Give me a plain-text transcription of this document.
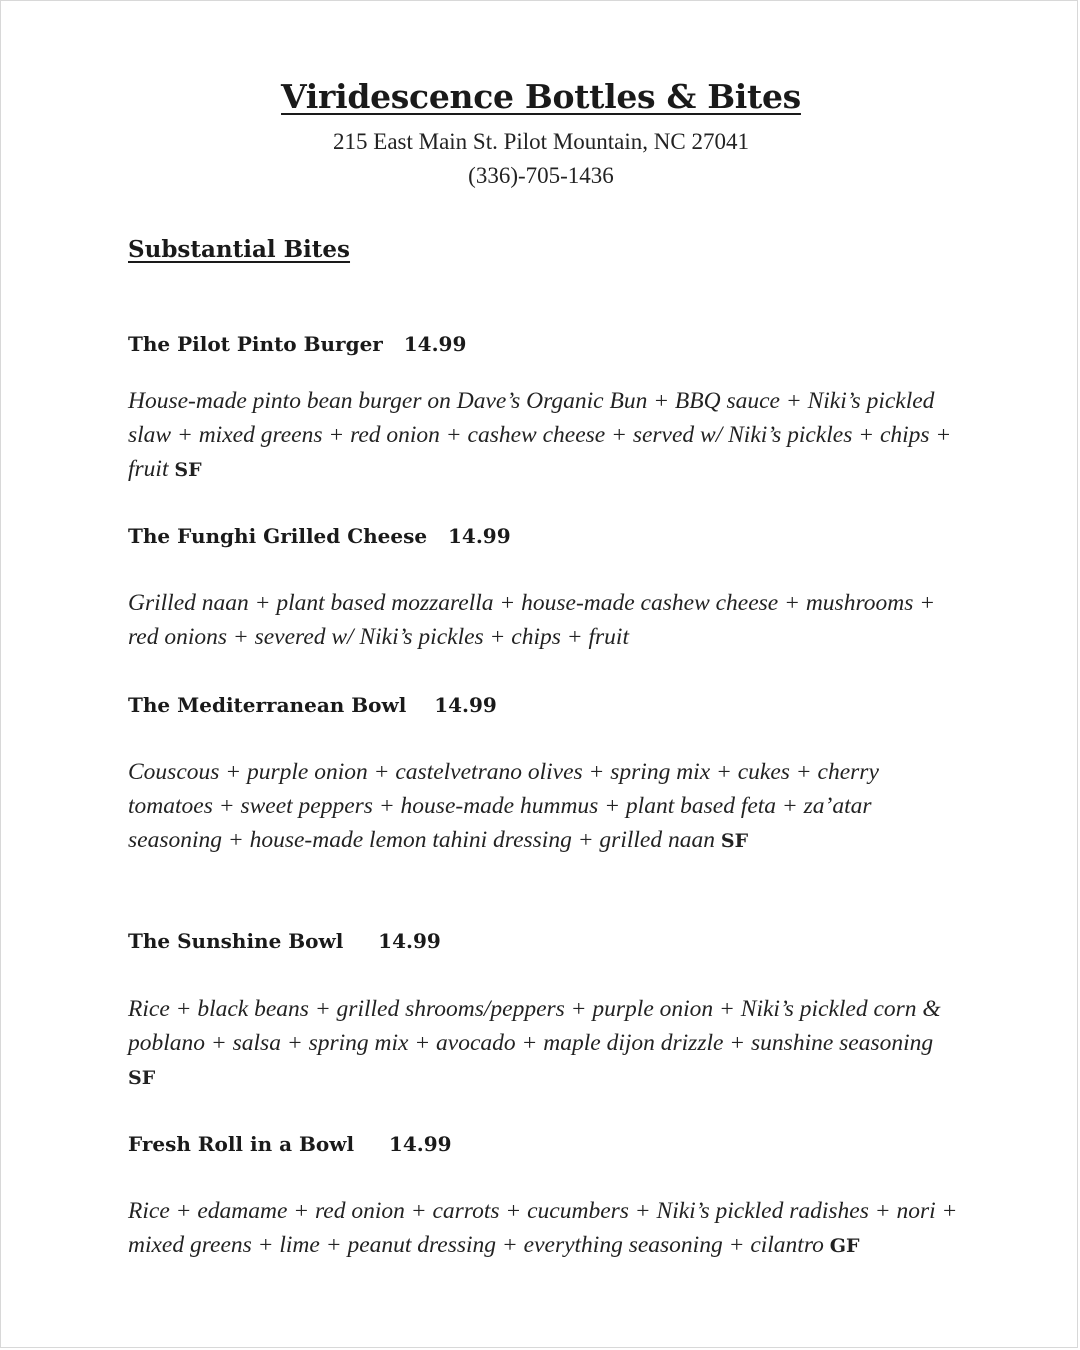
Viridescence Bottles & Bites
215 East Main St. Pilot Mountain, NC 27041
(336)-705-1436
Substantial Bites
The Pilot Pinto Burger 14.99
House-made pinto bean burger on Dave’s Organic Bun + BBQ sauce + Niki’s pickled slaw + mixed greens + red onion + cashew cheese + served w/ Niki’s pickles + chips + fruit SF
The Funghi Grilled Cheese 14.99
Grilled naan + plant based mozzarella + house-made cashew cheese + mushrooms + red onions + severed w/ Niki’s pickles + chips + fruit
The Mediterranean Bowl 14.99
Couscous + purple onion + castelvetrano olives + spring mix + cukes + cherry tomatoes + sweet peppers + house-made hummus + plant based feta + za’atar seasoning + house-made lemon tahini dressing + grilled naan SF
The Sunshine Bowl 14.99
Rice + black beans + grilled shrooms/peppers + purple onion + Niki’s pickled corn & poblano + salsa + spring mix + avocado + maple dijon drizzle + sunshine seasoning SF
Fresh Roll in a Bowl 14.99
Rice + edamame + red onion + carrots + cucumbers + Niki’s pickled radishes + nori + mixed greens + lime + peanut dressing + everything seasoning + cilantro GF
